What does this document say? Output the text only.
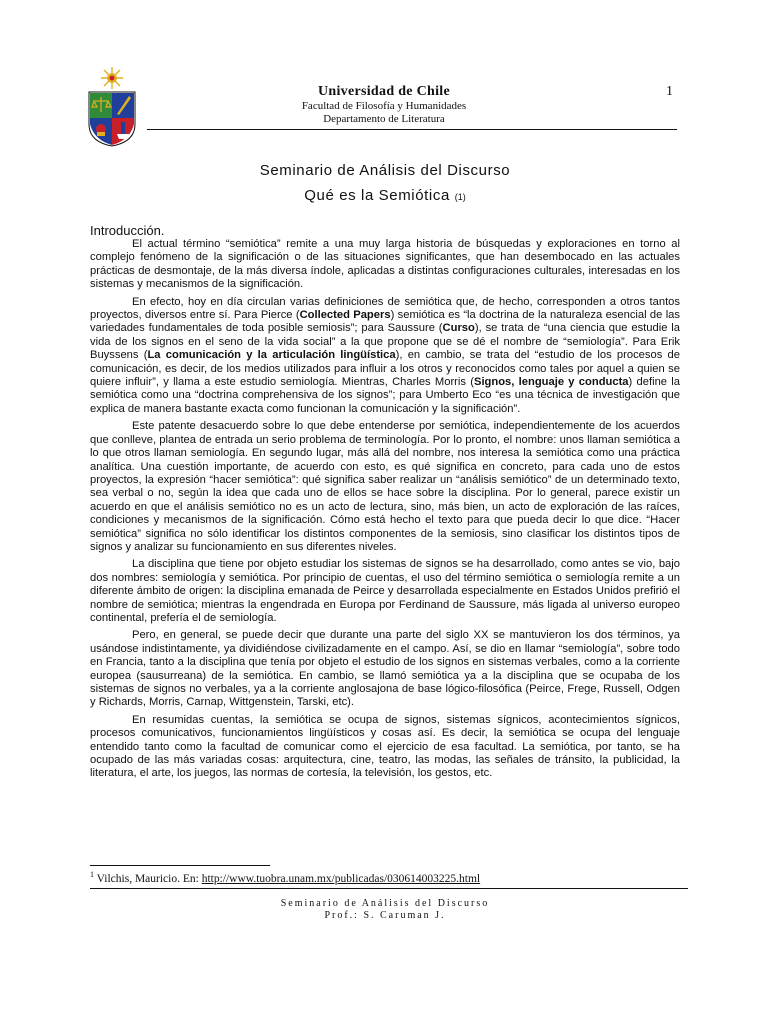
Universidad de Chile
Facultad de Filosofía y Humanidades
Departamento de Literatura
1
Seminario de Análisis del Discurso
Qué es la Semiótica (1)
Introducción.

El actual término “semiótica” remite a una muy larga historia de búsquedas y exploraciones en torno al complejo fenómeno de la significación o de las situaciones significantes, que han desembocado en las actuales prácticas de desmontaje, de la más diversa índole, aplicadas a distintas configuraciones culturales, interesadas en los sistemas y mecanismos de la significación.

En efecto, hoy en día circulan varias definiciones de semiótica que, de hecho, corresponden a otros tantos proyectos, diversos entre sí. Para Pierce (Collected Papers) semiótica es “la doctrina de la naturaleza esencial de las variedades fundamentales de toda posible semiosis”; para Saussure (Curso), se trata de “una ciencia que estudie la vida de los signos en el seno de la vida social” a la que propone que se dé el nombre de “semiología”. Para Erik Buyssens (La comunicación y la articulación lingüística), en cambio, se trata del “estudio de los procesos de comunicación, es decir, de los medios utilizados para influir a los otros y reconocidos como tales por aquel a quien se quiere influir”, y llama a este estudio semiología. Mientras, Charles Morris (Signos, lenguaje y conducta) define la semiótica como una “doctrina comprehensiva de los signos”; para Umberto Eco “es una técnica de investigación que explica de manera bastante exacta como funcionan la comunicación y la significación”.

Este patente desacuerdo sobre lo que debe entenderse por semiótica, independientemente de los acuerdos que conlleve, plantea de entrada un serio problema de terminología. Por lo pronto, el nombre: unos llaman semiótica a lo que otros llaman semiología. En segundo lugar, más allá del nombre, nos interesa la semiótica como una práctica analítica. Una cuestión importante, de acuerdo con esto, es qué significa en concreto, para cada uno de estos proyectos, la expresión “hacer semiótica”: qué significa saber realizar un “análisis semiótico” de un determinado texto, sea verbal o no, según la idea que cada uno de ellos se hace sobre la disciplina. Por lo general, parece existir un acuerdo en que el análisis semiótico no es un acto de lectura, sino, más bien, un acto de exploración de las raíces, condiciones y mecanismos de la significación. Cómo está hecho el texto para que pueda decir lo que dice. “Hacer semiótica” significa no sólo identificar los distintos componentes de la semiosis, sino clasificar los distintos tipos de signos y analizar su funcionamiento en sus diferentes niveles.

La disciplina que tiene por objeto estudiar los sistemas de signos se ha desarrollado, como antes se vio, bajo dos nombres: semiología y semiótica. Por principio de cuentas, el uso del término semiótica o semiología remite a un diferente ámbito de origen: la disciplina emanada de Peirce y desarrollada especialmente en Estados Unidos prefirió el nombre de semiótica; mientras la engendrada en Europa por Ferdinand de Saussure, más ligada al universo europeo continental, prefería el de semiología.

Pero, en general, se puede decir que durante una parte del siglo XX se mantuvieron los dos términos, ya usándose indistintamente, ya dividiéndose civilizadamente en el campo. Así, se dio en llamar “semiología”, sobre todo en Francia, tanto a la disciplina que tenía por objeto el estudio de los signos en sistemas verbales, como a la corriente europea (sausurreana) de la semiótica. En cambio, se llamó semiótica ya a la disciplina que se ocupaba de los sistemas de signos no verbales, ya a la corriente anglosajona de base lógico-filosófica (Peirce, Frege, Russell, Odgen y Richards, Morris, Carnap, Wittgenstein, Tarski, etc).

En resumidas cuentas, la semiótica se ocupa de signos, sistemas sígnicos, acontecimientos sígnicos, procesos comunicativos, funcionamientos lingüísticos y cosas así. Es decir, la semiótica se ocupa del lenguaje entendido tanto como la facultad de comunicar como el ejercicio de esa facultad. La semiótica, por tanto, se ha ocupado de las más variadas cosas: arquitectura, cine, teatro, las modas, las señales de tránsito, la publicidad, la literatura, el arte, los juegos, las normas de cortesía, la televisión, los gestos, etc.

$^1$ Vilchis, Mauricio. En: http://www.tuobra.unam.mx/publicadas/030614003225.html
Seminario de Análisis del Discurso
Prof.: S. Caruman J.
